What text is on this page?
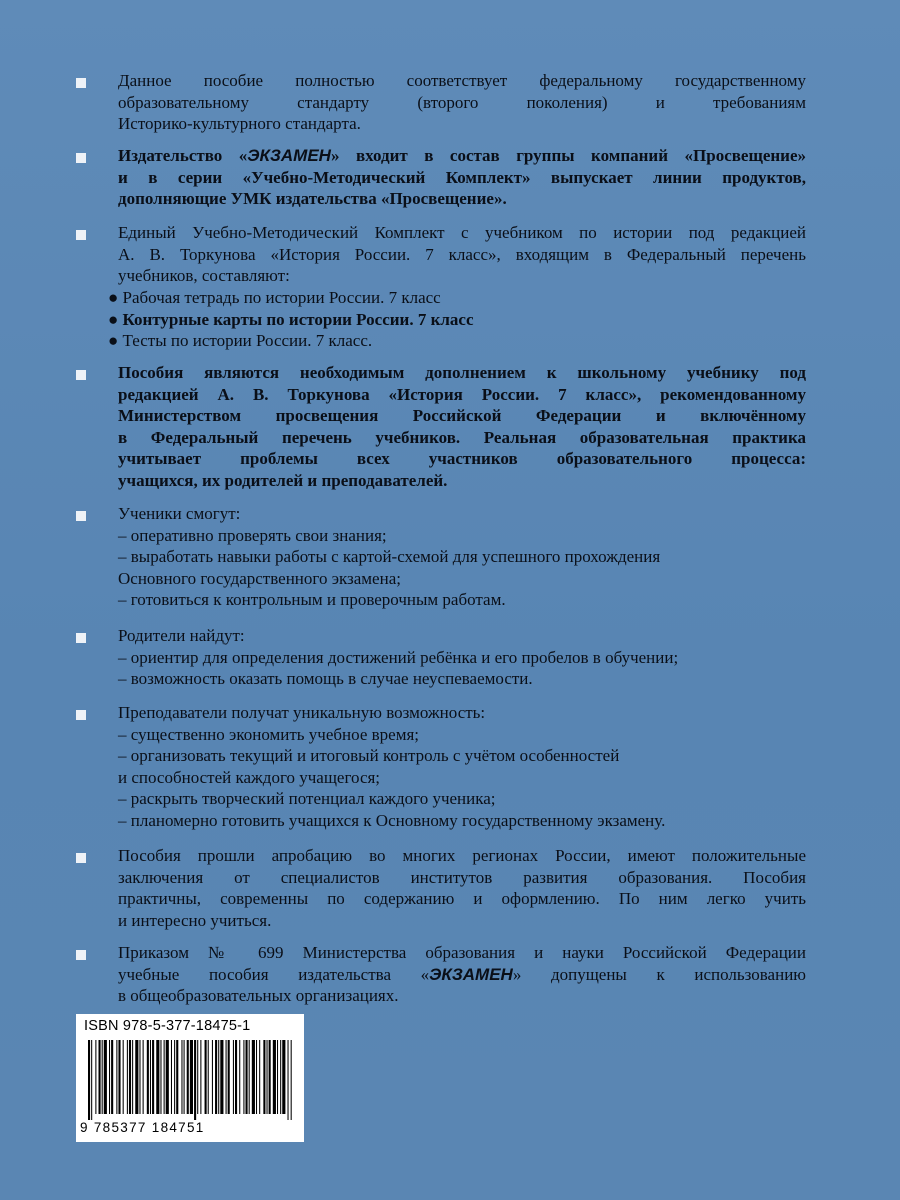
Данное пособие полностью соответствует федеральному государственному
образовательному стандарту (второго поколения) и требованиям
Историко-культурного стандарта.
Издательство «ЭКЗАМЕН» входит в состав группы компаний «Просвещение»
и в серии «Учебно-Методический Комплект» выпускает линии продуктов,
дополняющие УМК издательства «Просвещение».
Единый Учебно-Методический Комплект с учебником по истории под редакцией
А. В. Торкунова «История России. 7 класс», входящим в Федеральный перечень
учебников, составляют:
● Рабочая тетрадь по истории России. 7 класс
● Контурные карты по истории России. 7 класс
● Тесты по истории России. 7 класс.
Пособия являются необходимым дополнением к школьному учебнику под
редакцией А. В. Торкунова «История России. 7 класс», рекомендованному
Министерством просвещения Российской Федерации и включённому
в Федеральный перечень учебников. Реальная образовательная практика
учитывает проблемы всех участников образовательного процесса:
учащихся, их родителей и преподавателей.
Ученики смогут:
– оперативно проверять свои знания;
– выработать навыки работы с картой-схемой для успешного прохождения
Основного государственного экзамена;
– готовиться к контрольным и проверочным работам.
Родители найдут:
– ориентир для определения достижений ребёнка и его пробелов в обучении;
– возможность оказать помощь в случае неуспеваемости.
Преподаватели получат уникальную возможность:
– существенно экономить учебное время;
– организовать текущий и итоговый контроль с учётом особенностей
и способностей каждого учащегося;
– раскрыть творческий потенциал каждого ученика;
– планомерно готовить учащихся к Основному государственному экзамену.
Пособия прошли апробацию во многих регионах России, имеют положительные
заключения от специалистов институтов развития образования. Пособия
практичны, современны по содержанию и оформлению. По ним легко учить
и интересно учиться.
Приказом № 699 Министерства образования и науки Российской Федерации
учебные пособия издательства «ЭКЗАМЕН» допущены к использованию
в общеобразовательных организациях.
ISBN 978-5-377-18475-1
9 785377 184751
